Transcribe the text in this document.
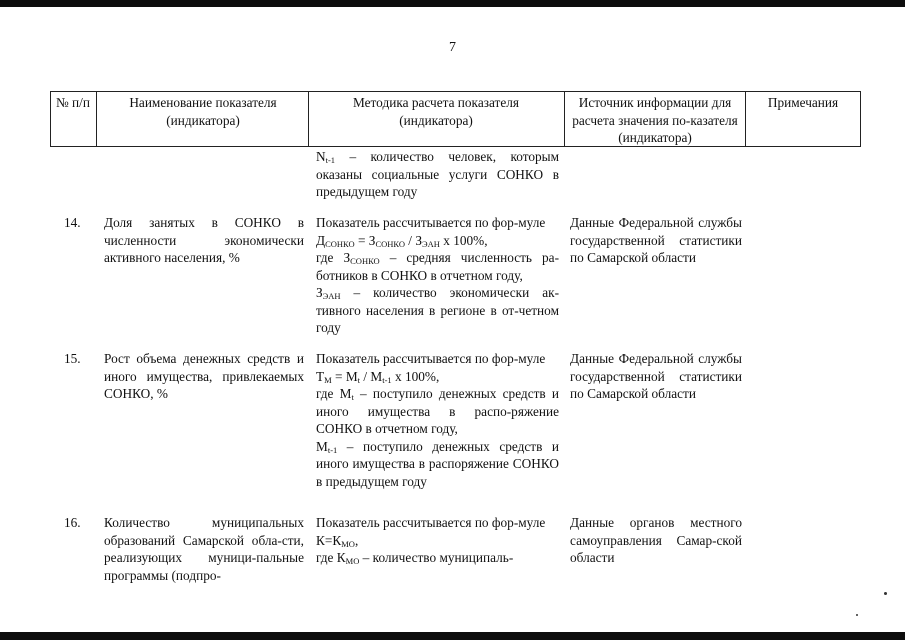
7
№ п/п	Наименование показателя (индикатора)
Методика расчета показателя (индикатора)
Источник информации для расчета значения по-казателя (индикатора)
Примечания
$N_{t-1}$ – количество человек, которым оказаны социальные услуги СОНКО в предыдущем году
14. Доля занятых в СОНКО в численности экономически активного населения, %
Показатель рассчитывается по фор-муле
$Д_{СОНКО} = З_{СОНКО} / З_{ЭАН}$ х 100%,
где $З_{СОНКО}$ – средняя численность ра-ботников в СОНКО в отчетном году,
$З_{ЭАН}$ – количество экономически ак-тивного населения в регионе в от-четном году
Данные Федеральной службы государственной статистики по Самарской области
15. Рост объема денежных средств и иного имущества, привлекаемых СОНКО, %
Показатель рассчитывается по фор-муле
$Т_М = М_t / М_{t-1}$ х 100%,
где $М_t$ – поступило денежных средств и иного имущества в распо-ряжение СОНКО в отчетном году,
$М_{t-1}$ – поступило денежных средств и иного имущества в распоряжение СОНКО в предыдущем году
Данные Федеральной службы государственной статистики по Самарской области
16. Количество муниципальных образований Самарской обла-сти, реализующих муници-пальные программы (подпро-
Показатель рассчитывается по фор-муле
$К=К_{МО}$,
где $К_{МО}$ – количество муниципаль-
Данные органов местного самоуправления Самар-ской области
